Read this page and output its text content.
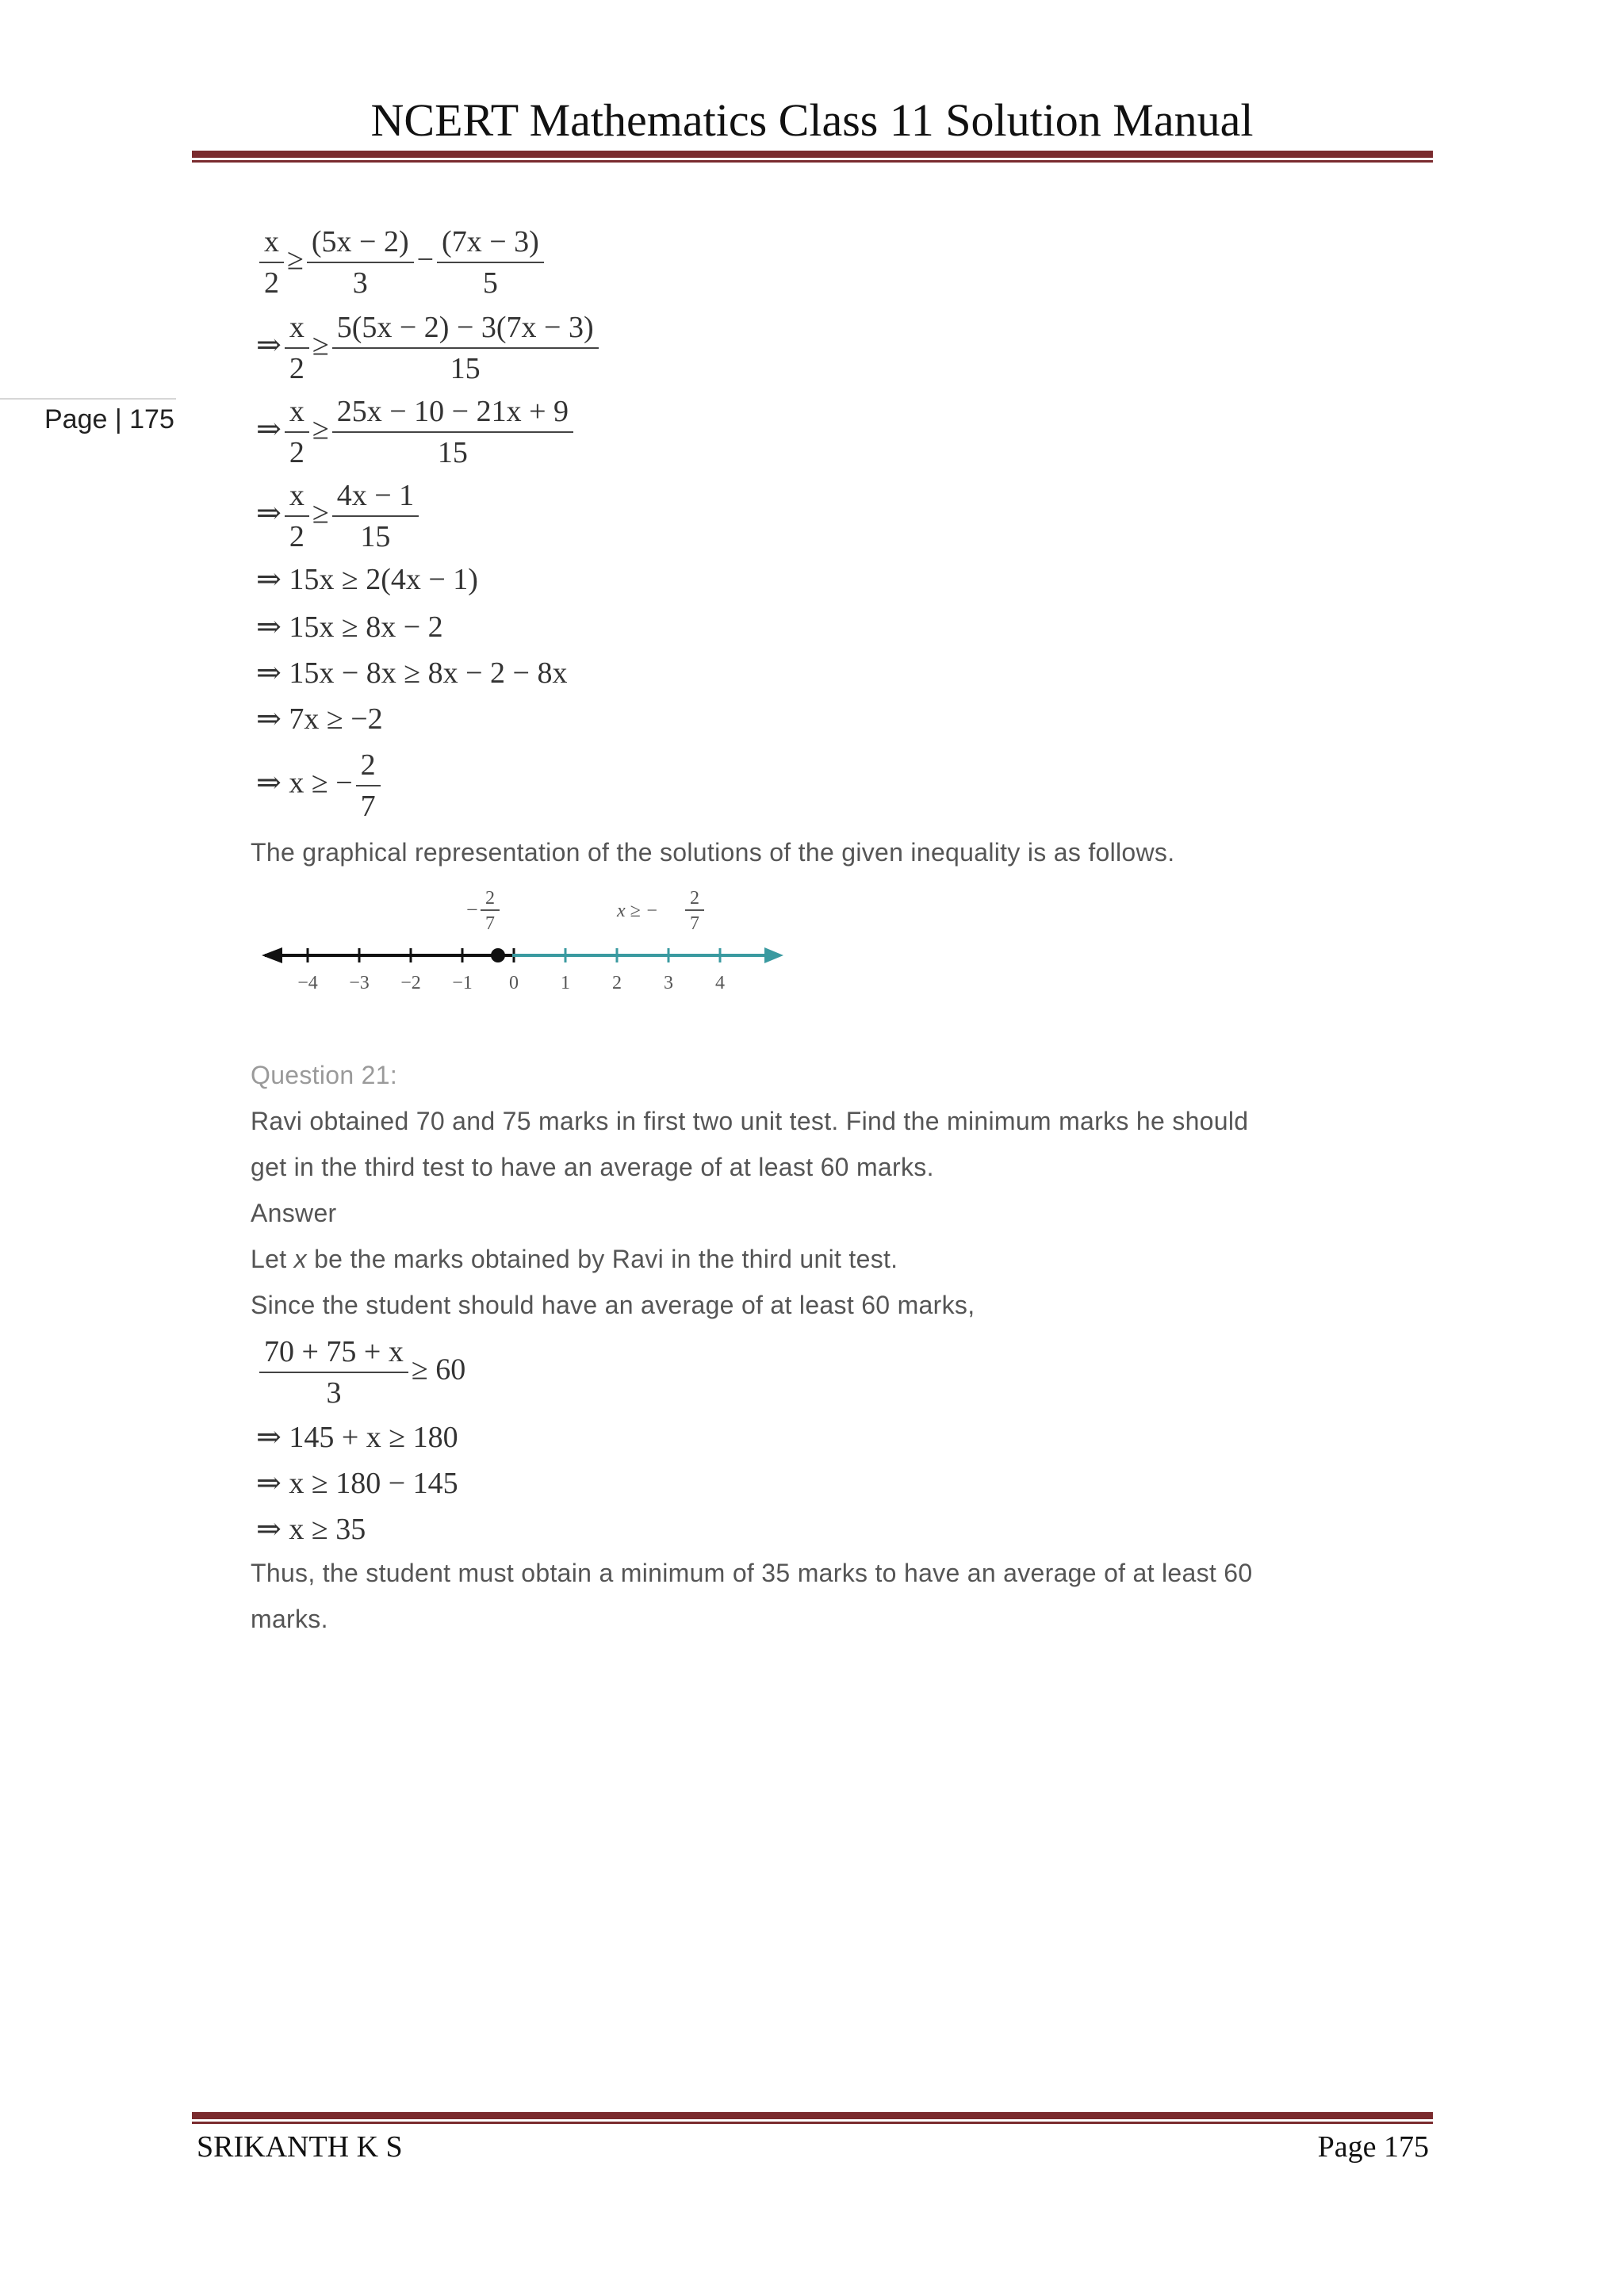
NCERT Mathematics Class 11 Solution Manual
Page | 175
$\frac{x}{2} \ge \frac{(5x - 2)}{3} - \frac{(7x - 3)}{5}$
⇒ $\frac{x}{2} \ge \frac{5(5x - 2) - 3(7x - 3)}{15}$
⇒ $\frac{x}{2} \ge \frac{25x - 10 - 21x + 9}{15}$
⇒ $\frac{x}{2} \ge \frac{4x - 1}{15}$
⇒ 15x ≥ 2(4x − 1)
⇒ 15x ≥ 8x − 2
⇒ 15x − 8x ≥ 8x − 2 − 8x
⇒ 7x ≥ −2
⇒ x ≥ − $\frac{2}{7}$
The graphical representation of the solutions of the given inequality is as follows.
−4 −3 −2 −1 0 1 2 3 4
− 2
7
x ≥ −
2
7
Question 21:
Ravi obtained 70 and 75 marks in first two unit test. Find the minimum marks he should
get in the third test to have an average of at least 60 marks.
Answer
Let x be the marks obtained by Ravi in the third unit test.
Since the student should have an average of at least 60 marks,
$\frac{70 + 75 + x}{3} \ge 60$
⇒ 145 + x ≥ 180
⇒ x ≥ 180 − 145
⇒ x ≥ 35
Thus, the student must obtain a minimum of 35 marks to have an average of at least 60
marks.
SRIKANTH K S	Page 175
